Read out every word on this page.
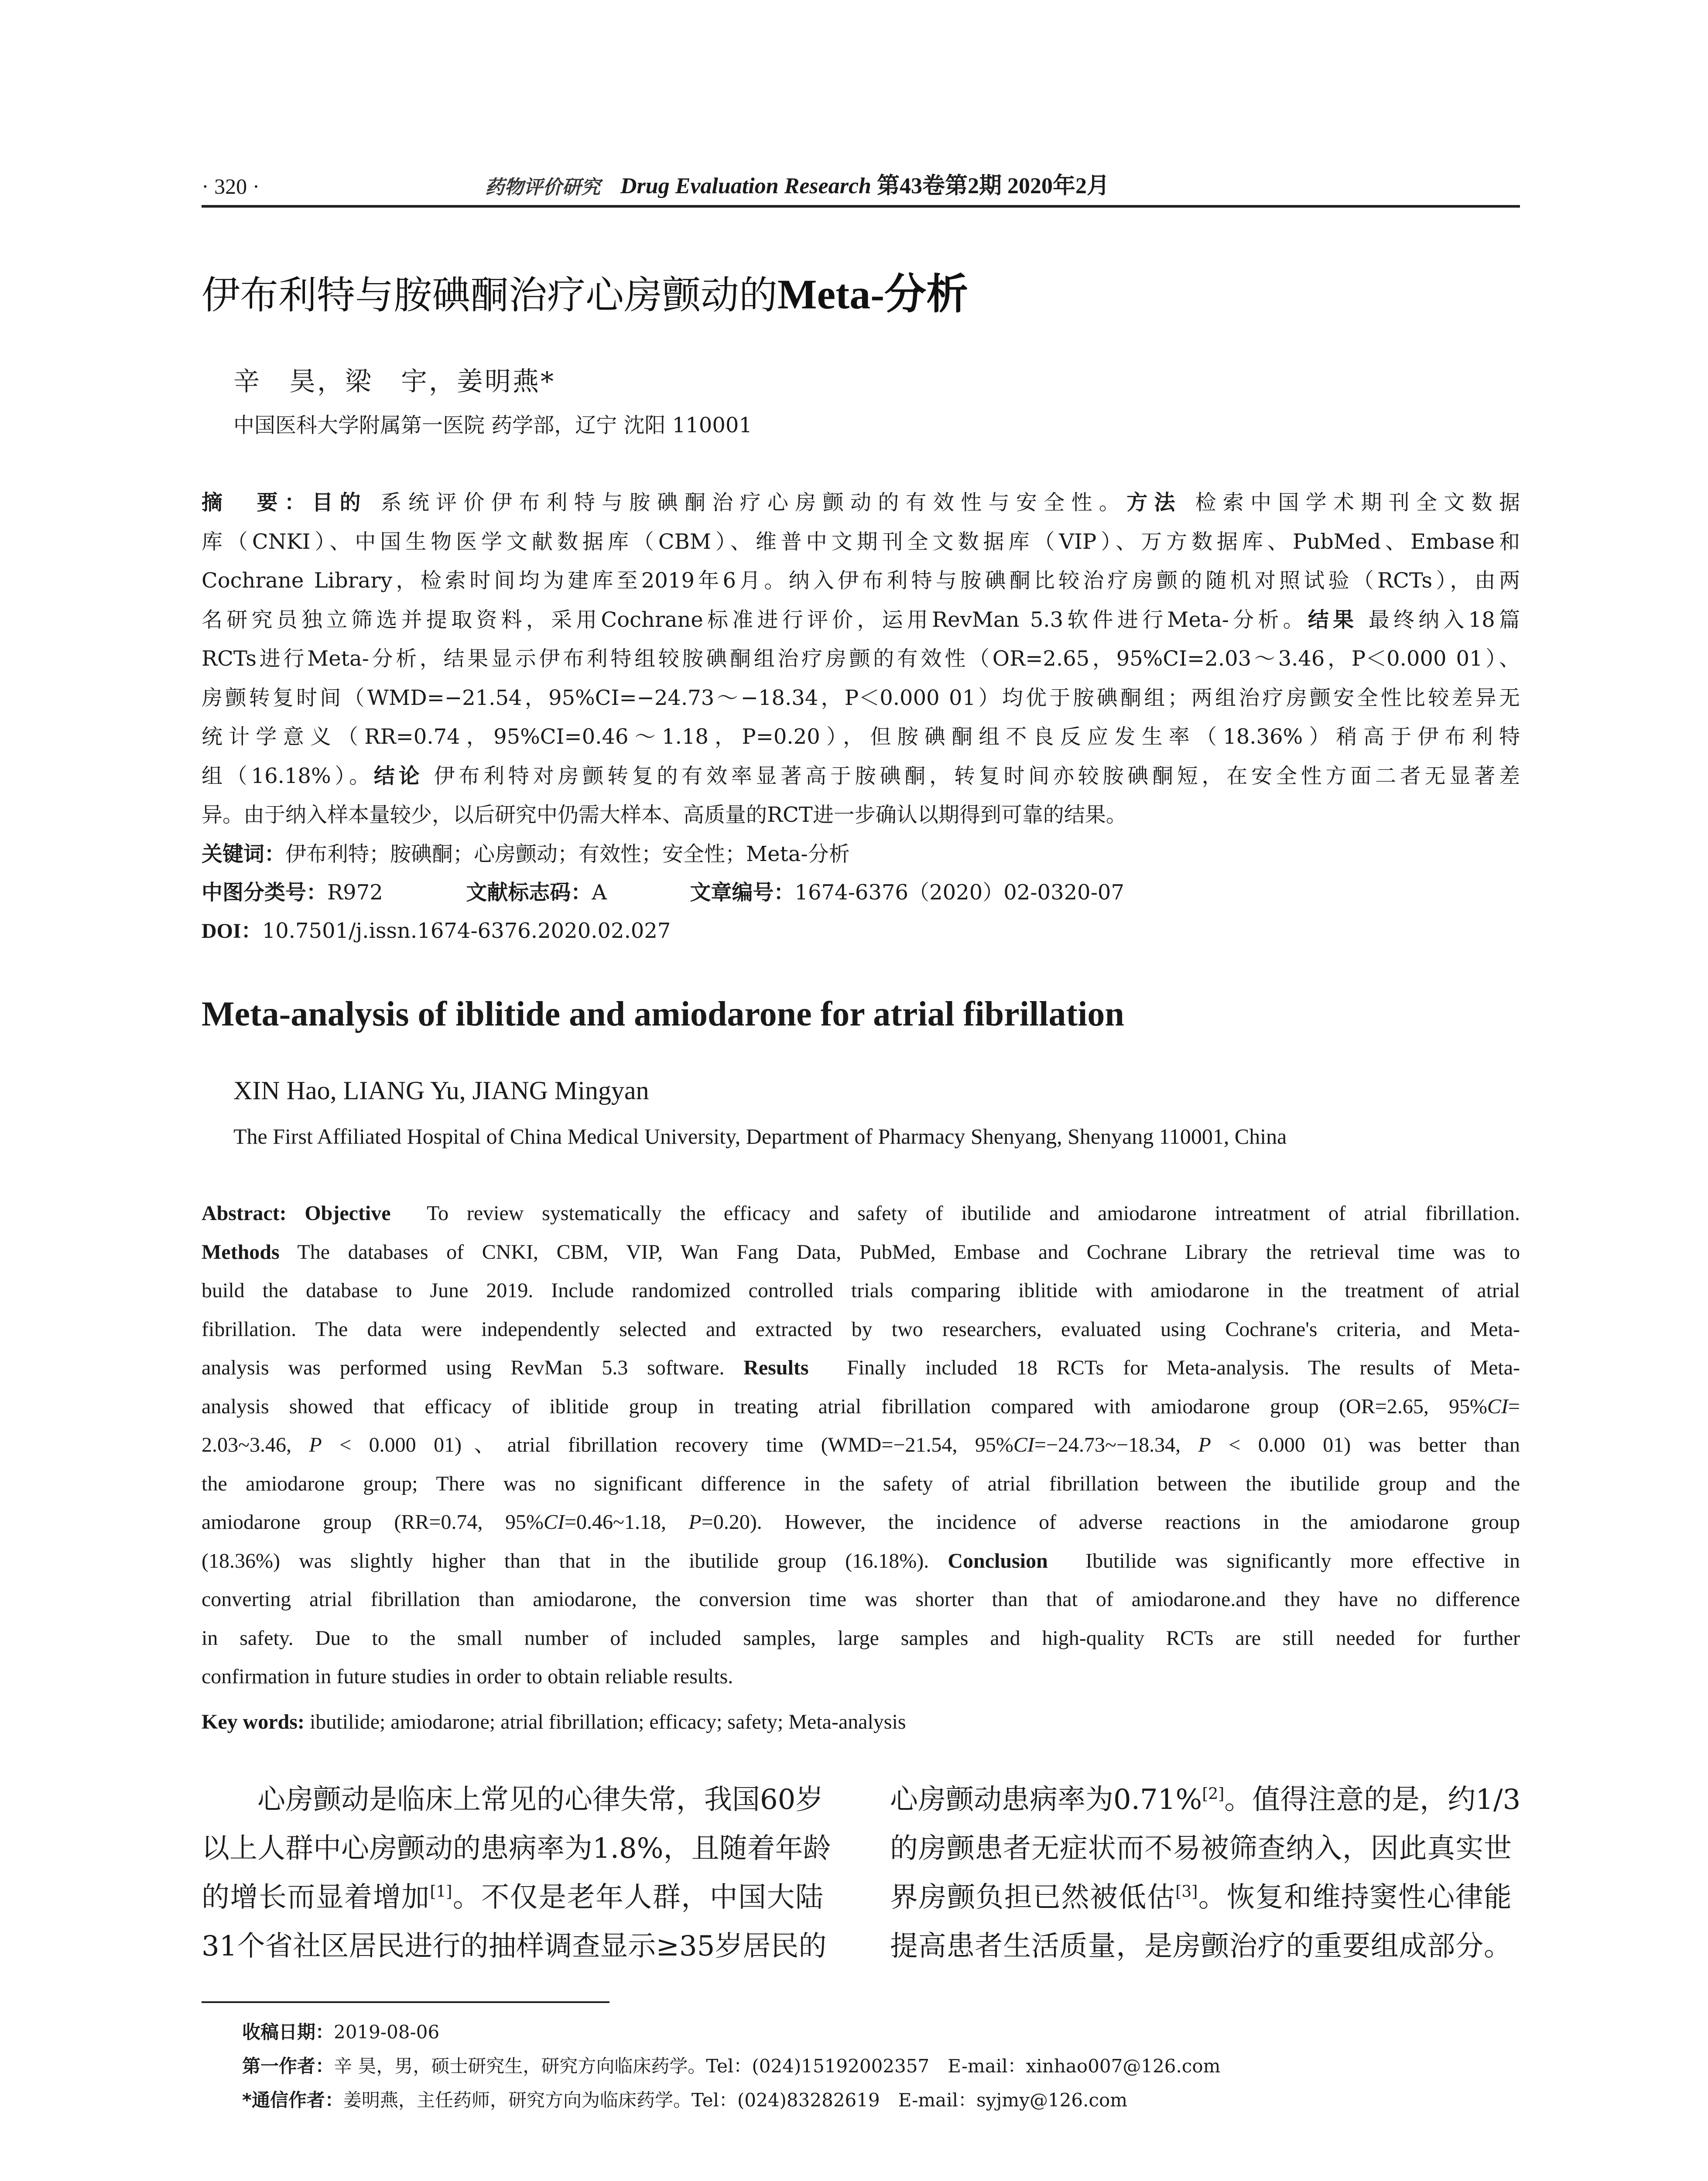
· 320 ·	药物评价研究 Drug Evaluation Research 第43卷第2期 2020年2月
伊布利特与胺碘酮治疗心房颤动的Meta-分析
辛　昊，梁　宇，姜明燕*
中国医科大学附属第一医院 药学部，辽宁 沈阳 110001
摘　要：目的 系统评价伊布利特与胺碘酮治疗心房颤动的有效性与安全性。方法 检索中国学术期刊全文数据
库（CNKI）、中国生物医学文献数据库（CBM）、维普中文期刊全文数据库（VIP）、万方数据库、PubMed、Embase和
Cochrane Library，检索时间均为建库至2019年6月。纳入伊布利特与胺碘酮比较治疗房颤的随机对照试验（RCTs），由两
名研究员独立筛选并提取资料，采用Cochrane标准进行评价，运用RevMan 5.3软件进行Meta-分析。结果 最终纳入18篇
RCTs进行Meta-分析，结果显示伊布利特组较胺碘酮组治疗房颤的有效性（OR=2.65，95%CI=2.03～3.46，P＜0.000 01）、
房颤转复时间（WMD=−21.54，95%CI=−24.73～−18.34，P＜0.000 01）均优于胺碘酮组；两组治疗房颤安全性比较差异无
统计学意义（RR=0.74，95%CI=0.46～1.18，P=0.20），但胺碘酮组不良反应发生率（18.36%）稍高于伊布利特
组（16.18%）。结论 伊布利特对房颤转复的有效率显著高于胺碘酮，转复时间亦较胺碘酮短，在安全性方面二者无显著差
异。由于纳入样本量较少，以后研究中仍需大样本、高质量的RCT进一步确认以期得到可靠的结果。
关键词：伊布利特；胺碘酮；心房颤动；有效性；安全性；Meta-分析
中图分类号：R972	文献标志码：A	文章编号：1674-6376（2020）02-0320-07
DOI：10.7501/j.issn.1674-6376.2020.02.027
Meta-analysis of iblitide and amiodarone for atrial fibrillation
XIN Hao, LIANG Yu, JIANG Mingyan
The First Affiliated Hospital of China Medical University, Department of Pharmacy Shenyang, Shenyang 110001, China
Abstract: Objective  To review systematically the efficacy and safety of ibutilide and amiodarone intreatment of atrial fibrillation.
Methods The databases of CNKI, CBM, VIP, Wan Fang Data, PubMed, Embase and Cochrane Library the retrieval time was to
build the database to June 2019. Include randomized controlled trials comparing iblitide with amiodarone in the treatment of atrial
fibrillation. The data were independently selected and extracted by two researchers, evaluated using Cochrane's criteria, and Meta-
analysis was performed using RevMan 5.3 software. Results  Finally included 18 RCTs for Meta-analysis. The results of Meta-
analysis showed that efficacy of iblitide group in treating atrial fibrillation compared with amiodarone group (OR=2.65, 95%CI=
2.03~3.46, P < 0.000 01)、atrial fibrillation recovery time (WMD=−21.54, 95%CI=−24.73~−18.34, P < 0.000 01) was better than
the amiodarone group; There was no significant difference in the safety of atrial fibrillation between the ibutilide group and the
amiodarone group (RR=0.74, 95%CI=0.46~1.18, P=0.20). However, the incidence of adverse reactions in the amiodarone group
(18.36%) was slightly higher than that in the ibutilide group (16.18%). Conclusion  Ibutilide was significantly more effective in
converting atrial fibrillation than amiodarone, the conversion time was shorter than that of amiodarone.and they have no difference
in safety. Due to the small number of included samples, large samples and high-quality RCTs are still needed for further
confirmation in future studies in order to obtain reliable results.
Key words: ibutilide; amiodarone; atrial fibrillation; efficacy; safety; Meta-analysis
心房颤动是临床上常见的心律失常，我国60岁
以上人群中心房颤动的患病率为1.8%，且随着年龄
的增长而显着增加[1]。不仅是老年人群，中国大陆
31个省社区居民进行的抽样调查显示≥35岁居民的
心房颤动患病率为0.71%[2]。值得注意的是，约1/3
的房颤患者无症状而不易被筛查纳入，因此真实世
界房颤负担已然被低估[3]。恢复和维持窦性心律能
提高患者生活质量，是房颤治疗的重要组成部分。
收稿日期：2019-08-06
第一作者：辛 昊，男，硕士研究生，研究方向临床药学。Tel：(024)15192002357　E-mail：xinhao007@126.com
*通信作者：姜明燕，主任药师，研究方向为临床药学。Tel：(024)83282619　E-mail：syjmy@126.com
